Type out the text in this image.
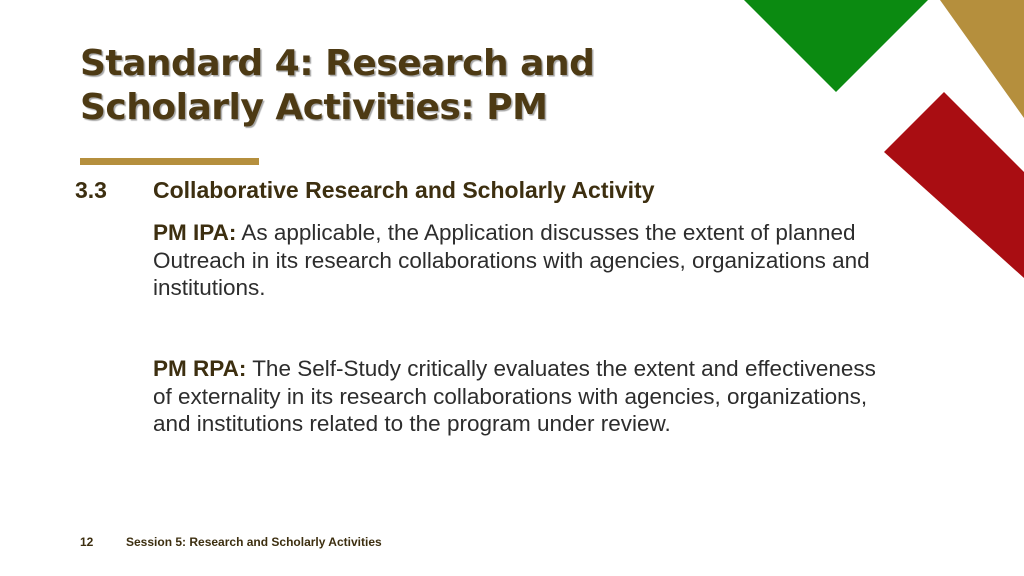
Standard 4: Research and
Scholarly Activities: PM
3.3 Collaborative Research and Scholarly Activity

PM IPA: As applicable, the Application discusses the extent of planned Outreach in its research collaborations with agencies, organizations and institutions.

PM RPA: The Self-Study critically evaluates the extent and effectiveness of externality in its research collaborations with agencies, organizations, and institutions related to the program under review.

12	Session 5: Research and Scholarly Activities
